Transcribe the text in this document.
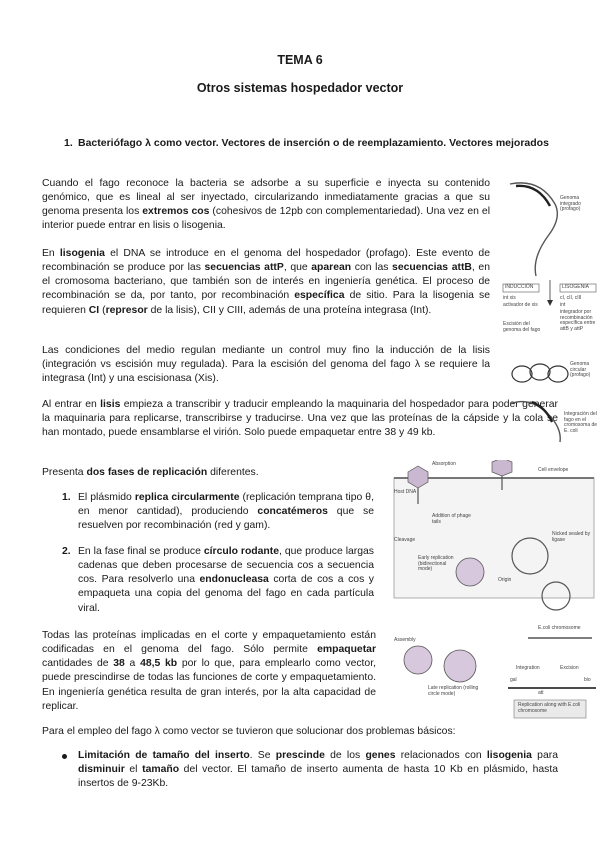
TEMA 6
Otros sistemas hospedador vector
1. Bacteriófago λ como vector. Vectores de inserción o de reemplazamiento. Vectores mejorados
Cuando el fago reconoce la bacteria se adsorbe a su superficie e inyecta su contenido genómico, que es lineal al ser inyectado, circularizando inmediatamente gracias a que su genoma presenta los extremos cos (cohesivos de 12pb con complementariedad). Una vez en el interior puede entrar en lisis o lisogenia.
En lisogenia el DNA se introduce en el genoma del hospedador (profago). Este evento de recombinación se produce por las secuencias attP, que aparean con las secuencias attB, en el cromosoma bacteriano, que también son de interés en ingeniería genética. El proceso de recombinación se da, por tanto, por recombinación específica de sitio. Para la lisogenia se requieren CI (represor de la lisis), CII y CIII, además de una proteína integrasa (Int).
Las condiciones del medio regulan mediante un control muy fino la inducción de la lisis (integración vs escisión muy regulada). Para la escisión del genoma del fago λ se requiere la integrasa (Int) y una escisionasa (Xis).
Al entrar en lisis empieza a transcribir y traducir empleando la maquinaria del hospedador para poder generar la maquinaria para replicarse, transcribirse y traducirse. Una vez que las proteínas de la cápside y la cola se han montado, puede ensamblarse el virión. Solo puede empaquetar entre 38 y 49 kb.
Presenta dos fases de replicación diferentes.
1. El plásmido replica circularmente (replicación temprana tipo θ, en menor cantidad), produciendo concatémeros que se resuelven por recombinación (red y gam).
2. En la fase final se produce círculo rodante, que produce largas cadenas que deben procesarse de secuencia cos a secuencia cos. Para resolverlo una endonucleasa corta de cos a cos y empaqueta una copia del genoma del fago en cada partícula viral.
Todas las proteínas implicadas en el corte y empaquetamiento están codificadas en el genoma del fago. Sólo permite empaquetar cantidades de 38 a 48,5 kb por lo que, para emplearlo como vector, puede prescindirse de todas las funciones de corte y empaquetamiento. En ingeniería genética resulta de gran interés, por la alta capacidad de replicar.
Para el empleo del fago λ como vector se tuvieron que solucionar dos problemas básicos:
Limitación de tamaño del inserto. Se prescinde de los genes relacionados con lisogenia para disminuir el tamaño del vector. El tamaño de inserto aumenta de hasta 10 Kb en plásmido, hasta insertos de 9-23Kb.
Genoma integrado (profago)
INDUCCIÓN	LISOGENIA
int xis
activador de xis
cI, cII, cIII
int
integrador por recombinación específica entre attB y attP
Escisión del genoma del fago
Genoma circular (profago)
Integración del fago en el cromosoma de E. coli
Absorption
Cell envelope
Host DNA
Addition of phage tails
Cleavage
Nicked sealed by ligase
Early replication (bidirectional mode)
Origin
Late replication (rolling circle mode)
Assembly
Integration	Excision
E.coli chromosome
att
gal	bio
Replication along with E.coli chromosome
